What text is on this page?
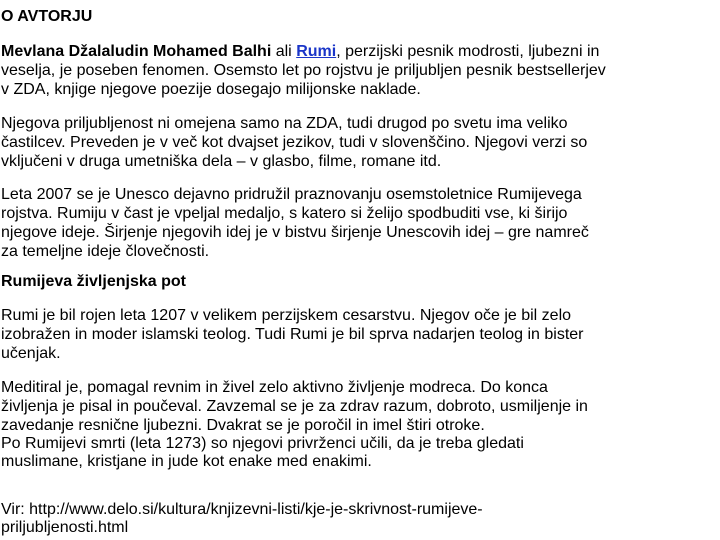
O AVTORJU
Mevlana Džalaludin Mohamed Balhi ali Rumi, perzijski pesnik modrosti, ljubezni in
veselja, je poseben fenomen. Osemsto let po rojstvu je priljubljen pesnik bestsellerjev
v ZDA, knjige njegove poezije dosegajo milijonske naklade.
Njegova priljubljenost ni omejena samo na ZDA, tudi drugod po svetu ima veliko
častilcev. Preveden je v več kot dvajset jezikov, tudi v slovenščino. Njegovi verzi so
vključeni v druga umetniška dela – v glasbo, filme, romane itd.
Leta 2007 se je Unesco dejavno pridružil praznovanju osemstoletnice Rumijevega
rojstva. Rumiju v čast je vpeljal medaljo, s katero si želijo spodbuditi vse, ki širijo
njegove ideje. Širjenje njegovih idej je v bistvu širjenje Unescovih idej – gre namreč
za temeljne ideje človečnosti.
Rumijeva življenjska pot
Rumi je bil rojen leta 1207 v velikem perzijskem cesarstvu. Njegov oče je bil zelo
izobražen in moder islamski teolog. Tudi Rumi je bil sprva nadarjen teolog in bister
učenjak.
Meditiral je, pomagal revnim in živel zelo aktivno življenje modreca. Do konca
življenja je pisal in poučeval. Zavzemal se je za zdrav razum, dobroto, usmiljenje in
zavedanje resnične ljubezni. Dvakrat se je poročil in imel štiri otroke.
Po Rumijevi smrti (leta 1273) so njegovi privrženci učili, da je treba gledati
muslimane, kristjane in jude kot enake med enakimi.
Vir: http://www.delo.si/kultura/knjizevni-listi/kje-je-skrivnost-rumijeve-
priljubljenosti.html
